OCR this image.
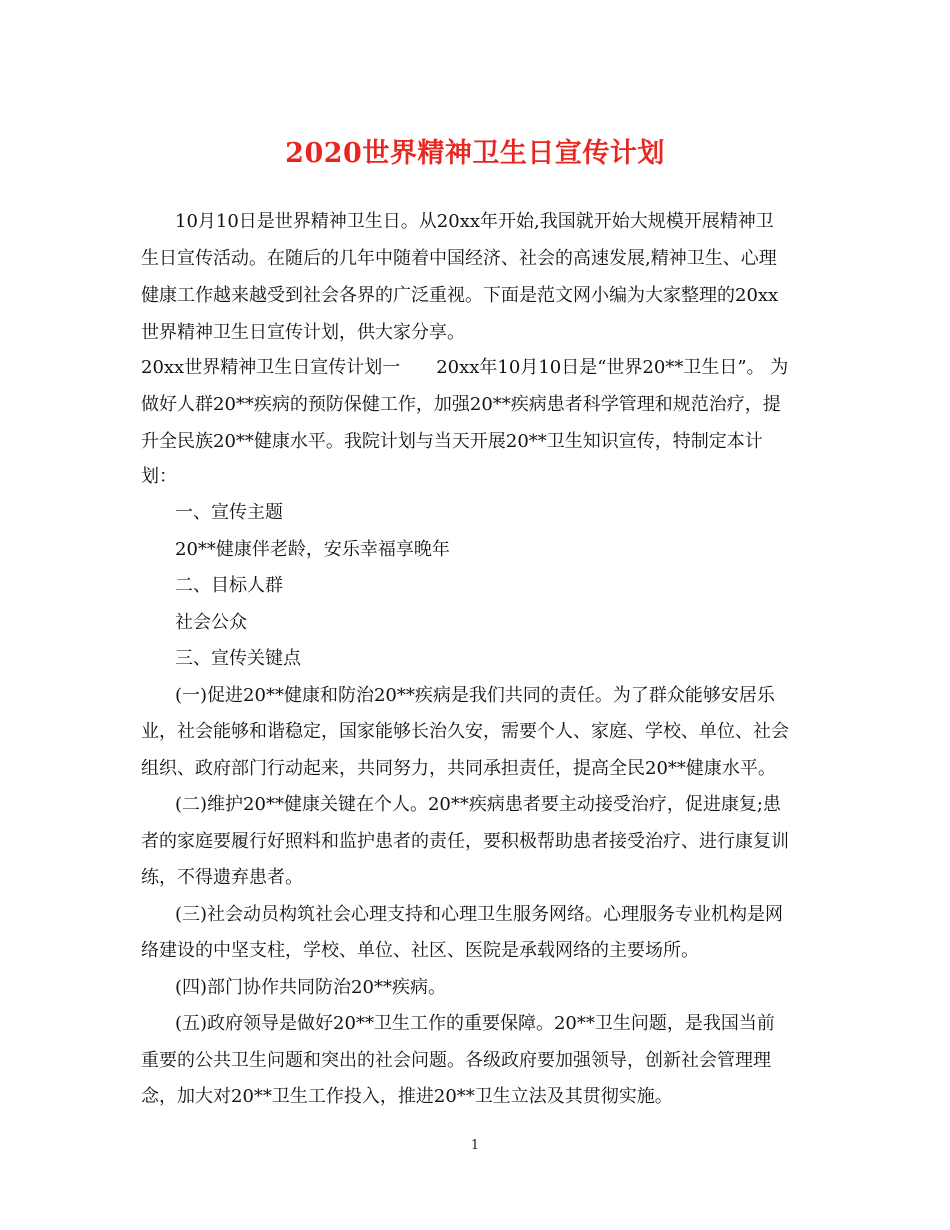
2020世界精神卫生日宣传计划
10月10日是世界精神卫生日。从20xx年开始,我国就开始大规模开展精神卫
生日宣传活动。在随后的几年中随着中国经济、社会的高速发展,精神卫生、心理
健康工作越来越受到社会各界的广泛重视。下面是范文网小编为大家整理的20xx
世界精神卫生日宣传计划，供大家分享。
20xx世界精神卫生日宣传计划一　　20xx年10月10日是“世界20**卫生日”。 为
做好人群20**疾病的预防保健工作，加强20**疾病患者科学管理和规范治疗，提
升全民族20**健康水平。我院计划与当天开展20**卫生知识宣传，特制定本计
划：
一、宣传主题
20**健康伴老龄，安乐幸福享晚年
二、目标人群
社会公众
三、宣传关键点
(一)促进20**健康和防治20**疾病是我们共同的责任。为了群众能够安居乐
业，社会能够和谐稳定，国家能够长治久安，需要个人、家庭、学校、单位、社会
组织、政府部门行动起来，共同努力，共同承担责任，提高全民20**健康水平。
(二)维护20**健康关键在个人。20**疾病患者要主动接受治疗，促进康复;患
者的家庭要履行好照料和监护患者的责任，要积极帮助患者接受治疗、进行康复训
练，不得遗弃患者。
(三)社会动员构筑社会心理支持和心理卫生服务网络。心理服务专业机构是网
络建设的中坚支柱，学校、单位、社区、医院是承载网络的主要场所。
(四)部门协作共同防治20**疾病。
(五)政府领导是做好20**卫生工作的重要保障。20**卫生问题，是我国当前
重要的公共卫生问题和突出的社会问题。各级政府要加强领导，创新社会管理理
念，加大对20**卫生工作投入，推进20**卫生立法及其贯彻实施。
1
